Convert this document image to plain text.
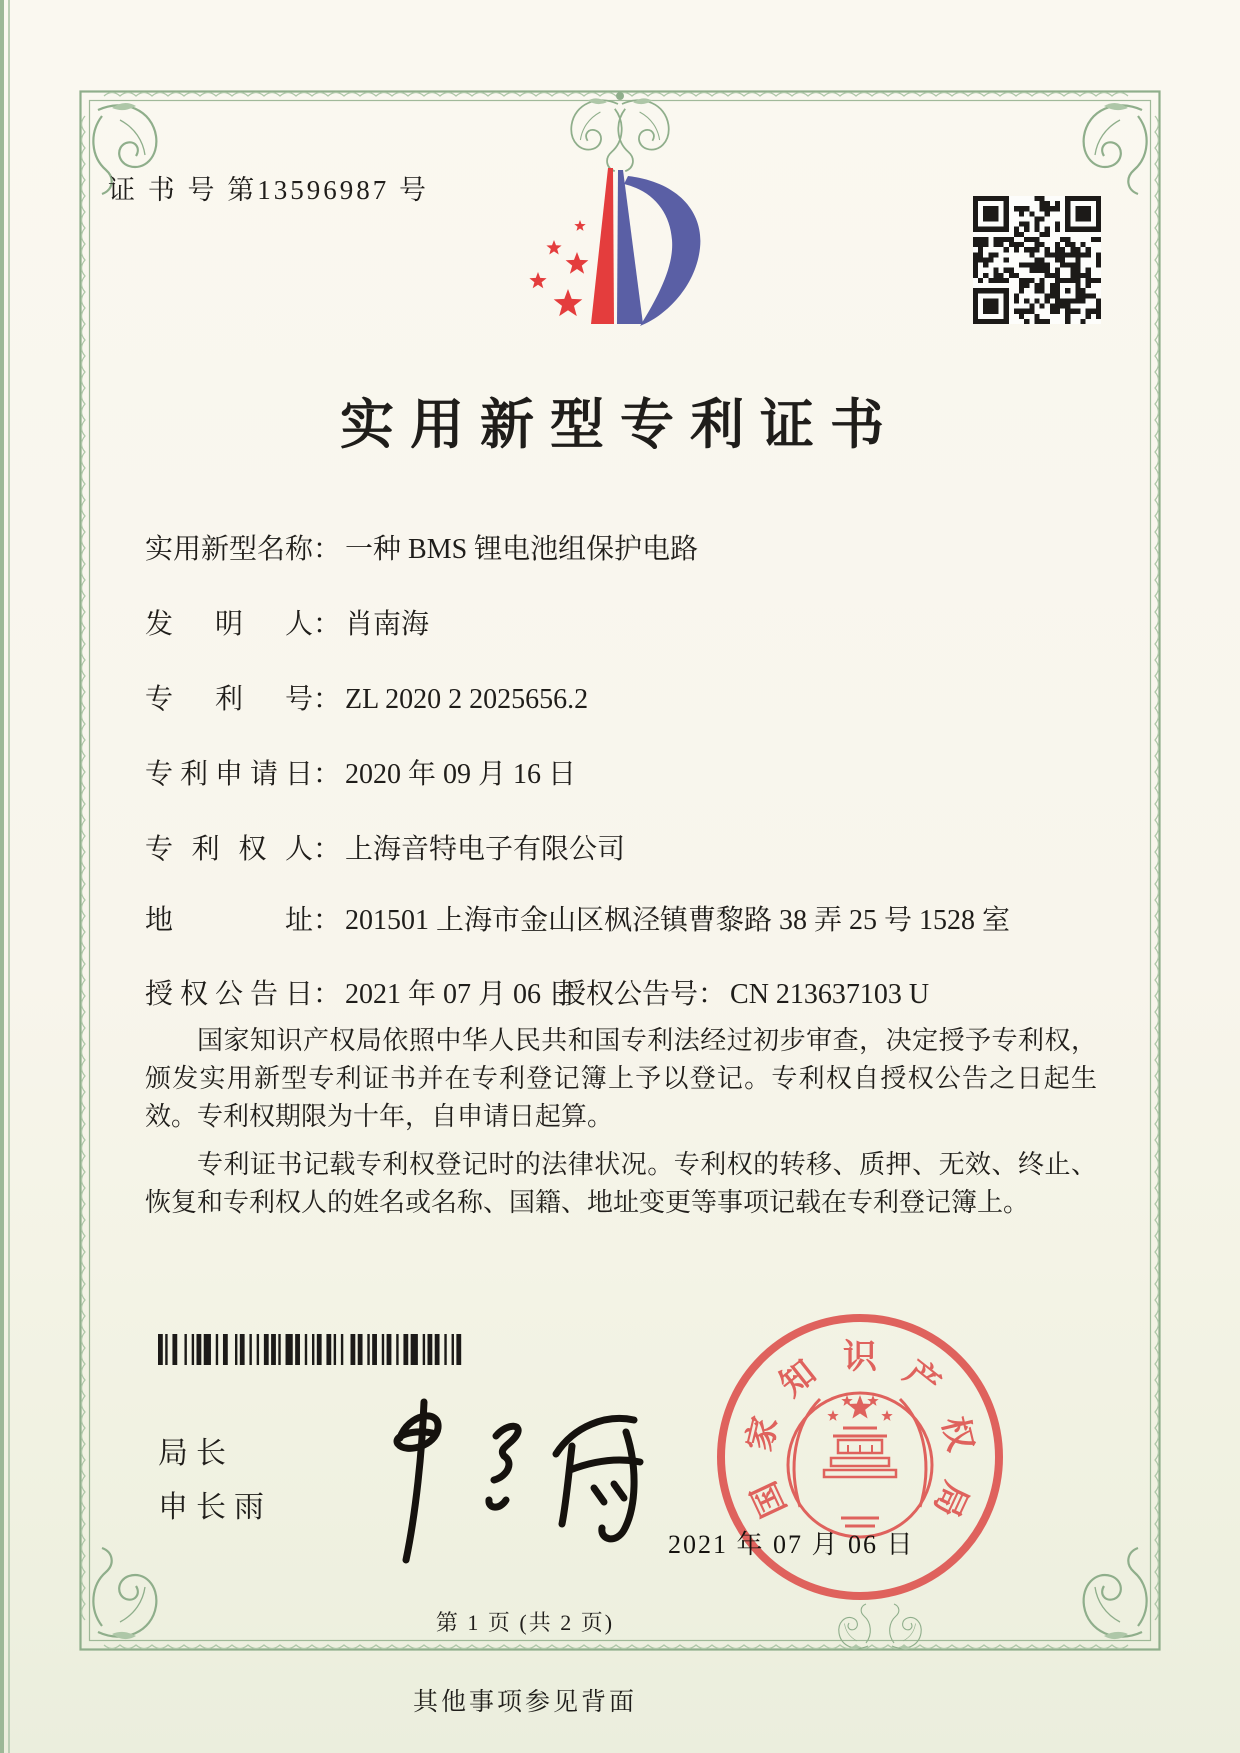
证 书 号 第13596987 号
实用新型专利证书
实用新型名称： 一种 BMS 锂电池组保护电路
发明人： 肖南海
专利号： ZL 2020 2 2025656.2
专利申请日： 2020 年 09 月 16 日
专利权人： 上海音特电子有限公司
地址： 201501 上海市金山区枫泾镇曹黎路 38 弄 25 号 1528 室
授权公告日： 2021 年 07 月 06 日
授权公告号： CN 213637103 U

国家知识产权局依照中华人民共和国专利法经过初步审查，决定授予专利权，颁发实用新型专利证书并在专利登记簿上予以登记。专利权自授权公告之日起生效。专利权期限为十年，自申请日起算。

专利证书记载专利权登记时的法律状况。专利权的转移、质押、无效、终止、恢复和专利权人的姓名或名称、国籍、地址变更等事项记载在专利登记簿上。

局长
申长雨	国
家
知 识 产
权
局
2021 年 07 月 06 日
第 1 页 (共 2 页)
其他事项参见背面
